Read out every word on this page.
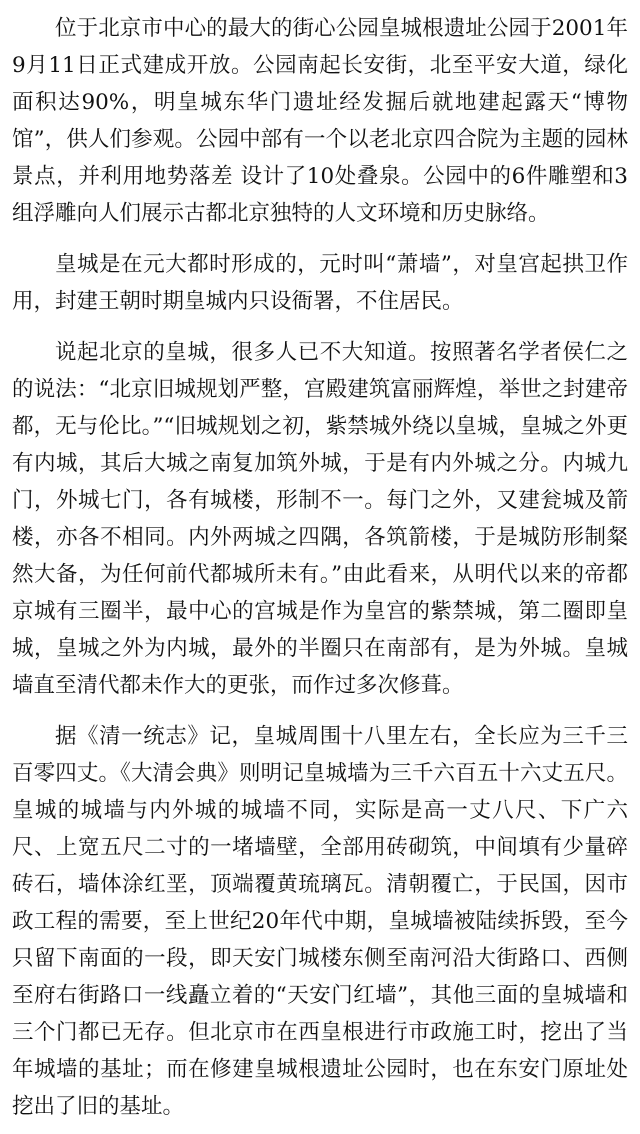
位于北京市中心的最大的街心公园皇城根遗址公园于2001年9月11日正式建成开放。公园南起长安街，北至平安大道，绿化面积达90%，明皇城东华门遗址经发掘后就地建起露天“博物馆”，供人们参观。公园中部有一个以老北京四合院为主题的园林景点，并利用地势落差 设计了10处叠泉。公园中的6件雕塑和3组浮雕向人们展示古都北京独特的人文环境和历史脉络。

皇城是在元大都时形成的，元时叫“萧墙”，对皇宫起拱卫作用，封建王朝时期皇城内只设衙署，不住居民。

说起北京的皇城，很多人已不大知道。按照著名学者侯仁之的说法：“北京旧城规划严整，宫殿建筑富丽辉煌，举世之封建帝都，无与伦比。”“旧城规划之初，紫禁城外绕以皇城，皇城之外更有内城，其后大城之南复加筑外城，于是有内外城之分。内城九门，外城七门，各有城楼，形制不一。每门之外，又建瓮城及箭楼，亦各不相同。内外两城之四隅，各筑箭楼，于是城防形制粲然大备，为任何前代都城所未有。”由此看来，从明代以来的帝都京城有三圈半，最中心的宫城是作为皇宫的紫禁城，第二圈即皇城，皇城之外为内城，最外的半圈只在南部有，是为外城。皇城墙直至清代都未作大的更张，而作过多次修葺。

据《清一统志》记，皇城周围十八里左右，全长应为三千三百零四丈。《大清会典》则明记皇城墙为三千六百五十六丈五尺。皇城的城墙与内外城的城墙不同，实际是高一丈八尺、下广六尺、上宽五尺二寸的一堵墙壁，全部用砖砌筑，中间填有少量碎砖石，墙体涂红垩，顶端覆黄琉璃瓦。清朝覆亡，于民国，因市政工程的需要，至上世纪20年代中期，皇城墙被陆续拆毁，至今只留下南面的一段，即天安门城楼东侧至南河沿大街路口、西侧至府右街路口一线矗立着的“天安门红墙”，其他三面的皇城墙和三个门都已无存。但北京市在西皇根进行市政施工时，挖出了当年城墙的基址；而在修建皇城根遗址公园时，也在东安门原址处挖出了旧的基址。
